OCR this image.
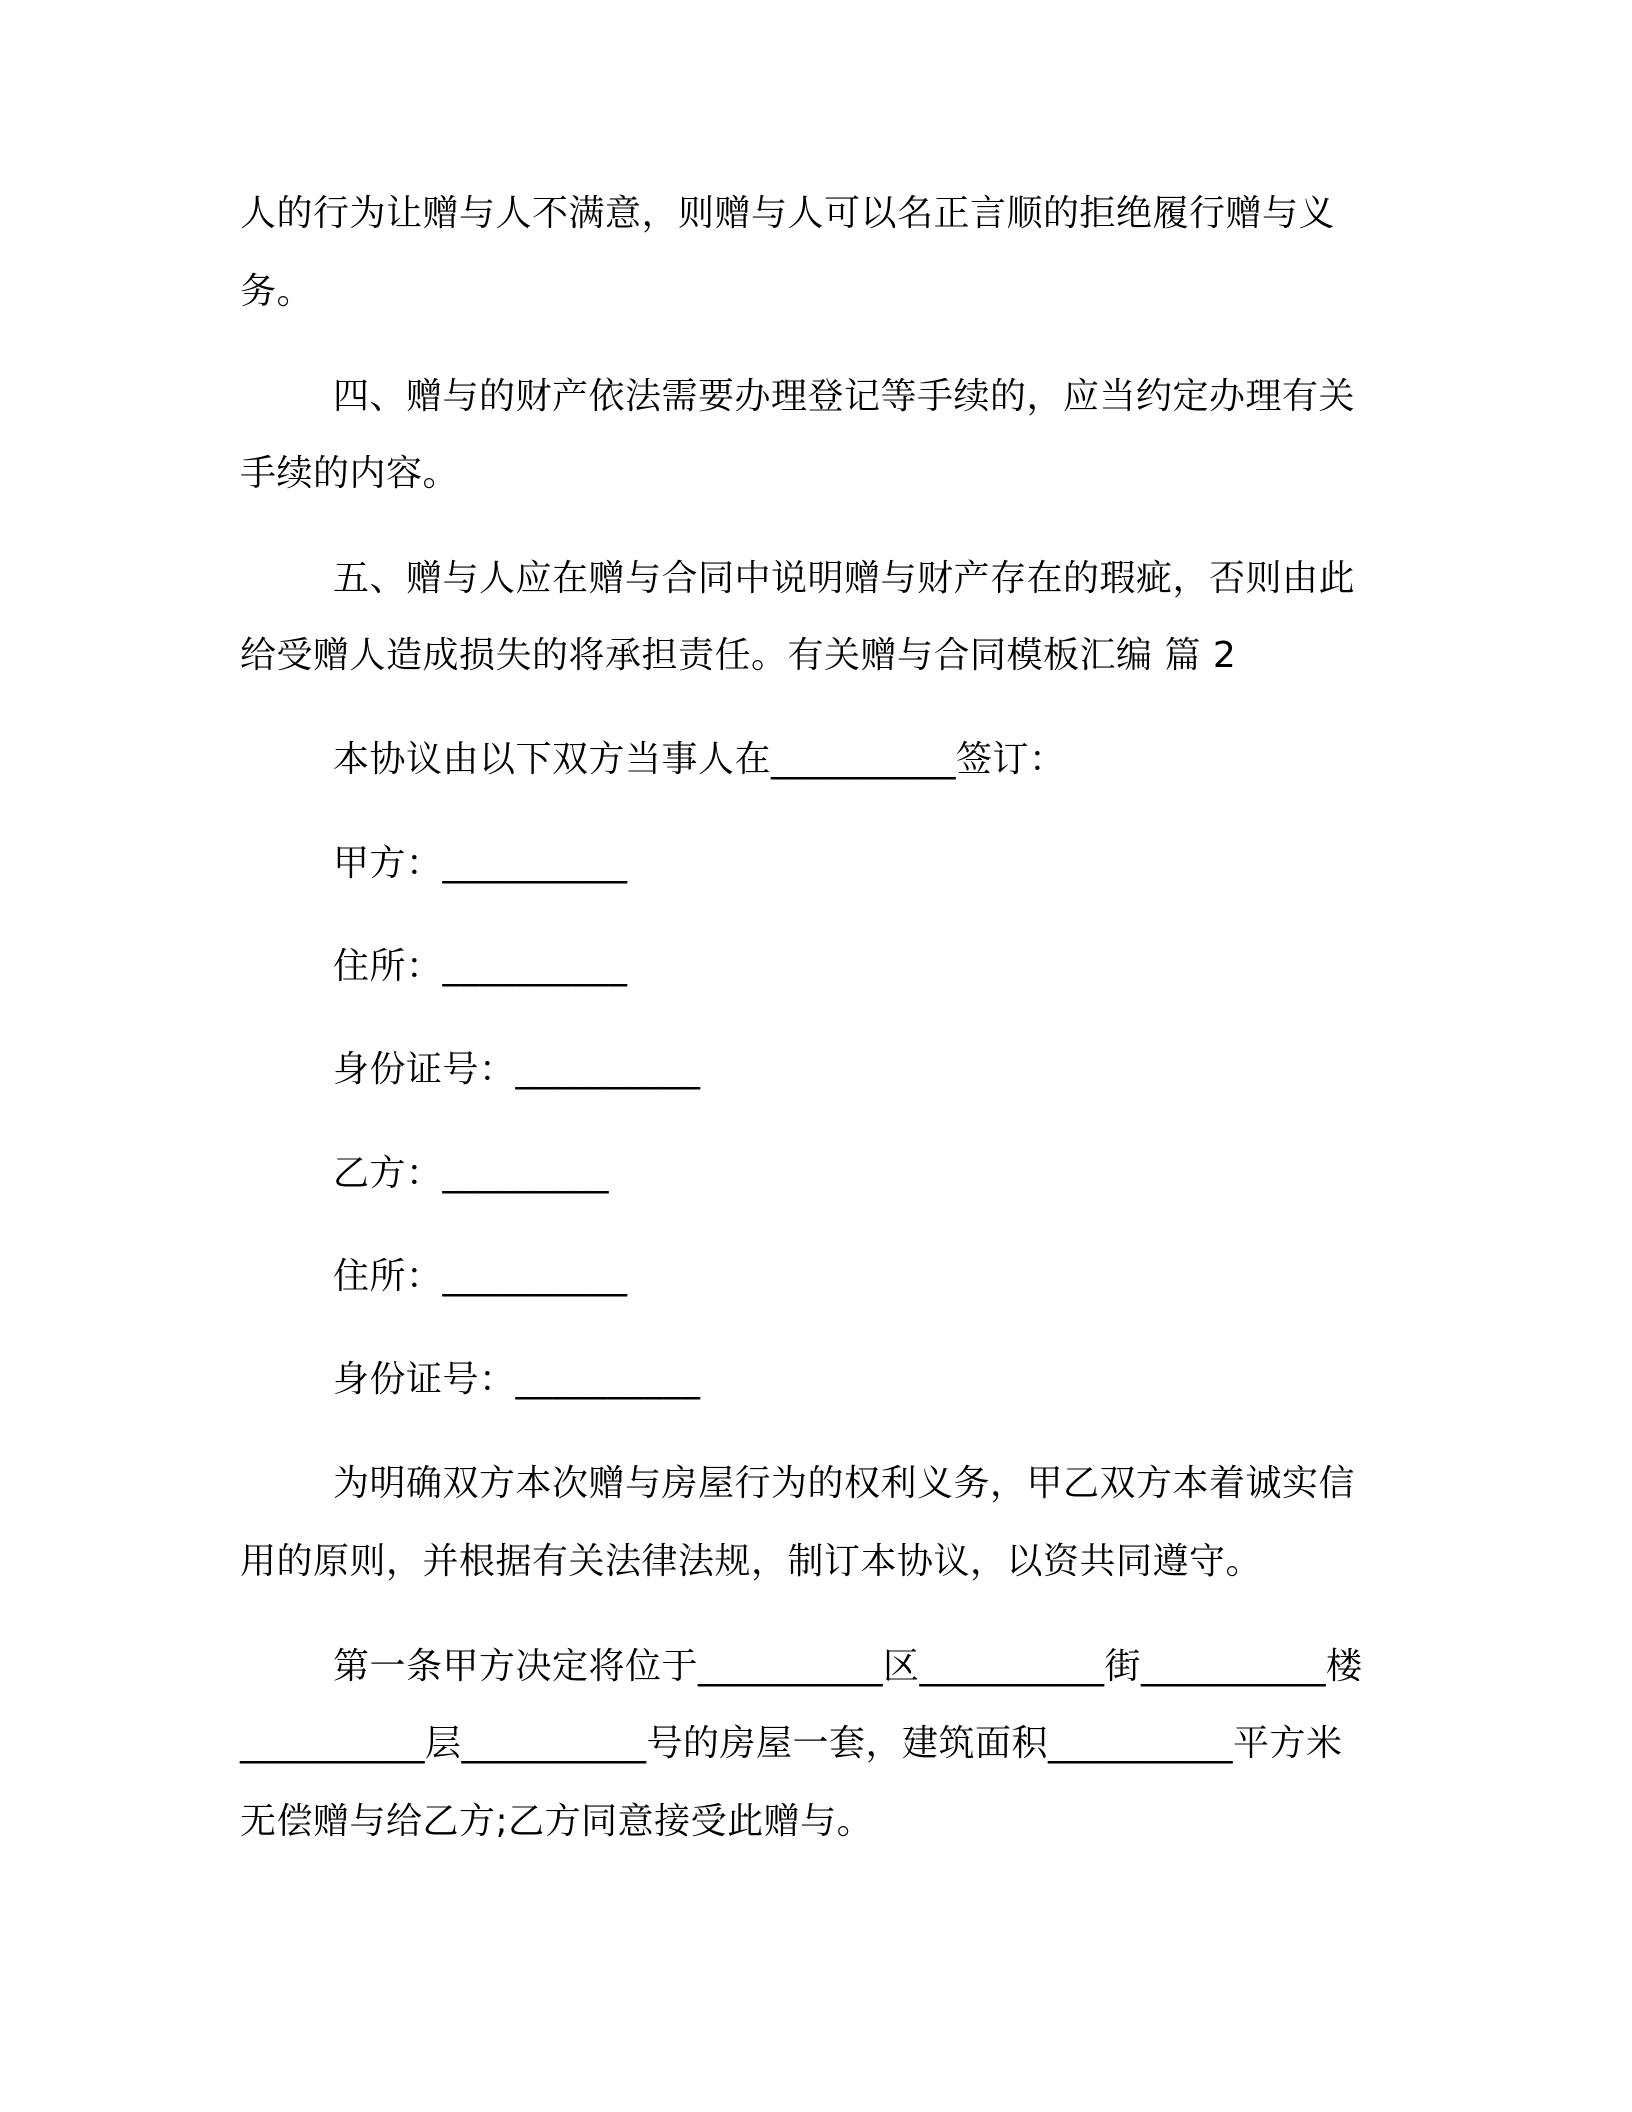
人的行为让赠与人不满意，则赠与人可以名正言顺的拒绝履行赠与义
务。
四、赠与的财产依法需要办理登记等手续的，应当约定办理有关
手续的内容。
五、赠与人应在赠与合同中说明赠与财产存在的瑕疵，否则由此
给受赠人造成损失的将承担责任。有关赠与合同模板汇编 篇 2
本协议由以下双方当事人在__________签订：
甲方：__________
住所：__________
身份证号：__________
乙方：_________
住所：__________
身份证号：__________
为明确双方本次赠与房屋行为的权利义务，甲乙双方本着诚实信
用的原则，并根据有关法律法规，制订本协议，以资共同遵守。
第一条甲方决定将位于__________区__________街__________楼
__________层__________号的房屋一套，建筑面积__________平方米
无偿赠与给乙方;乙方同意接受此赠与。
